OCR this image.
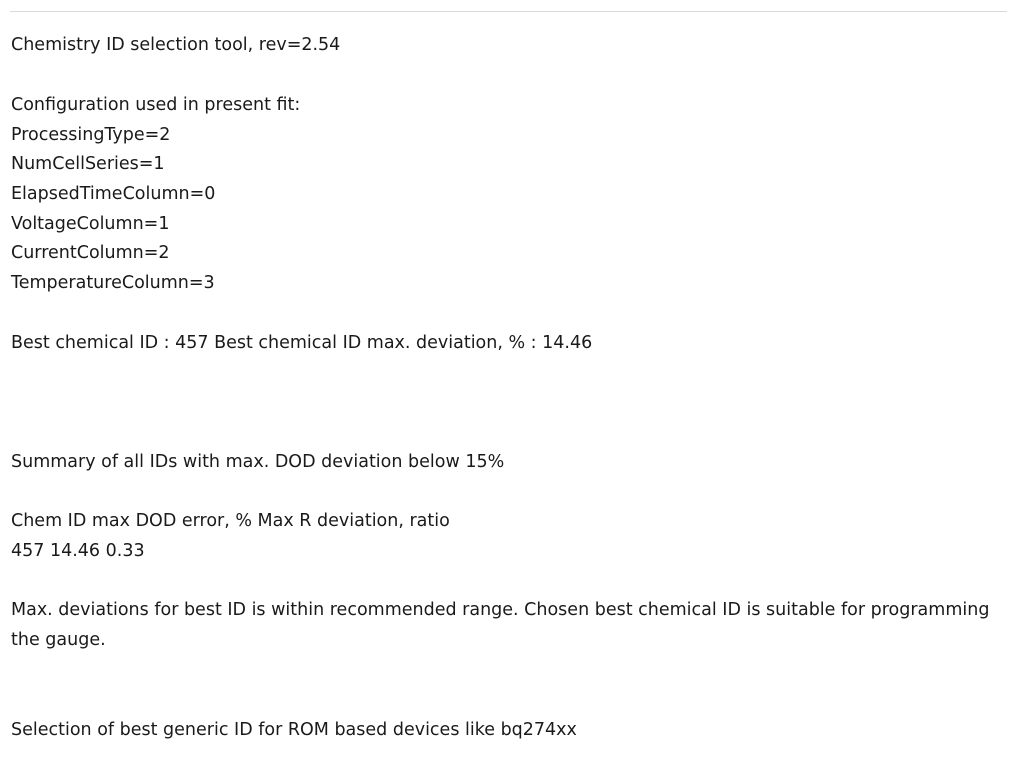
Chemistry ID selection tool, rev=2.54
Configuration used in present fit:
ProcessingType=2
NumCellSeries=1
ElapsedTimeColumn=0
VoltageColumn=1
CurrentColumn=2
TemperatureColumn=3
Best chemical ID : 457 Best chemical ID max. deviation, % : 14.46
Summary of all IDs with max. DOD deviation below 15%
Chem ID max DOD error, % Max R deviation, ratio
457 14.46 0.33
Max. deviations for best ID is within recommended range. Chosen best chemical ID is suitable for programming the gauge.
Selection of best generic ID for ROM based devices like bq274xx
